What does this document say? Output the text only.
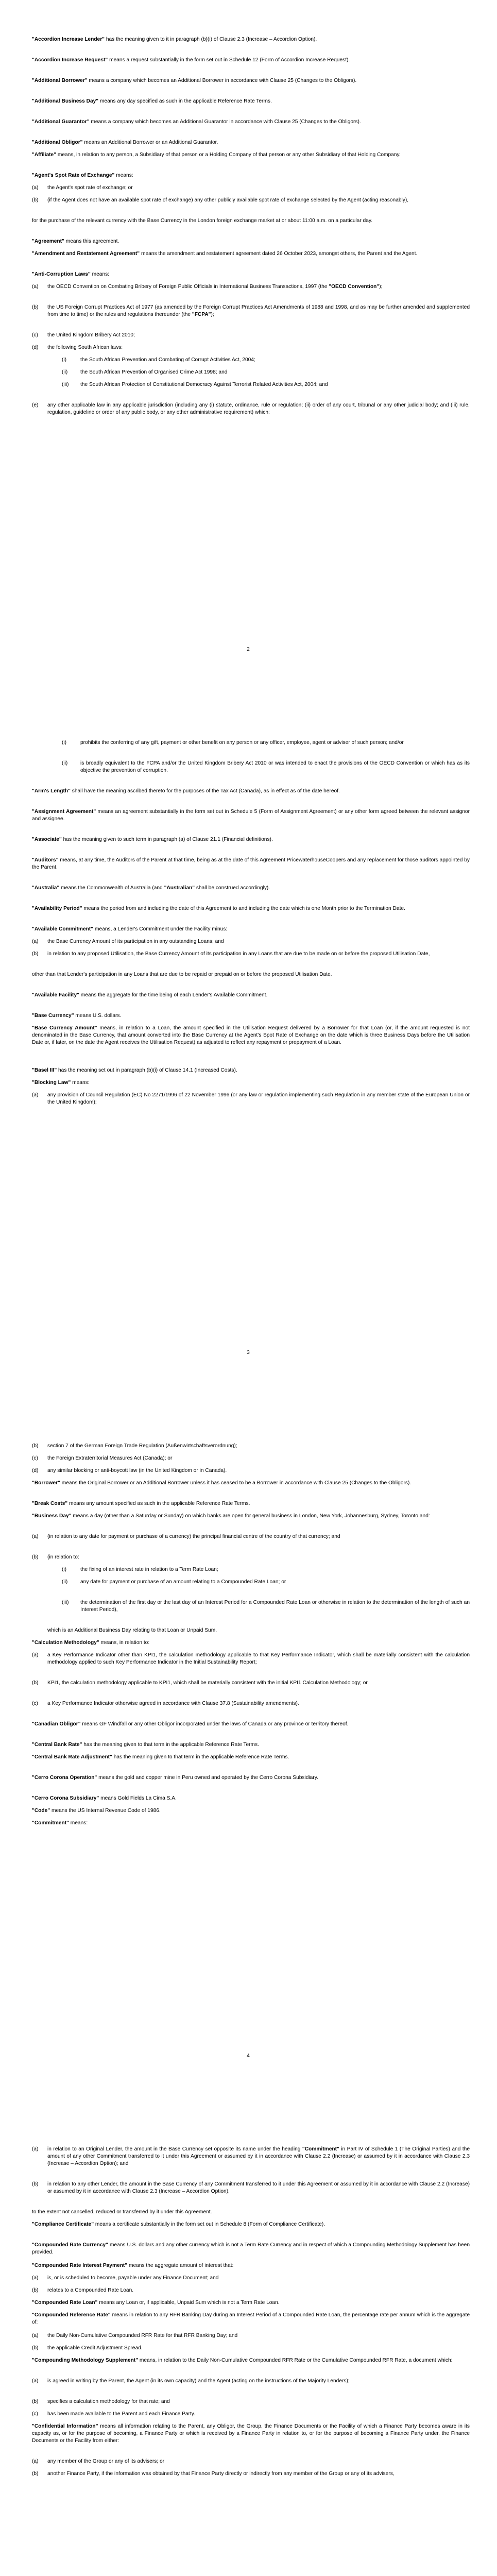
"Accordion Increase Lender" has the meaning given to it in paragraph (b)(i) of Clause 2.3 (Increase – Accordion Option).

"Accordion Increase Request" means a request substantially in the form set out in Schedule 12 (Form of Accordion Increase Request).

"Additional Borrower" means a company which becomes an Additional Borrower in accordance with Clause 25 (Changes to the Obligors).

"Additional Business Day" means any day specified as such in the applicable Reference Rate Terms.

"Additional Guarantor" means a company which becomes an Additional Guarantor in accordance with Clause 25 (Changes to the Obligors).

"Additional Obligor" means an Additional Borrower or an Additional Guarantor.

"Affiliate" means, in relation to any person, a Subsidiary of that person or a Holding Company of that person or any other Subsidiary of that Holding Company.

"Agent's Spot Rate of Exchange" means:

(a)	the Agent's spot rate of exchange; or
(b)	(if the Agent does not have an available spot rate of exchange) any other publicly available spot rate of exchange selected by the Agent (acting reasonably),

for the purchase of the relevant currency with the Base Currency in the London foreign exchange market at or about 11:00 a.m. on a particular day.

"Agreement" means this agreement.

"Amendment and Restatement Agreement" means the amendment and restatement agreement dated 26 October 2023, amongst others, the Parent and the Agent.

"Anti-Corruption Laws" means:

(a)	the OECD Convention on Combating Bribery of Foreign Public Officials in International Business Transactions, 1997 (the "OECD Convention");
(b)	the US Foreign Corrupt Practices Act of 1977 (as amended by the Foreign Corrupt Practices Act Amendments of 1988 and 1998, and as may be further amended and supplemented from time to time) or the rules and regulations thereunder (the "FCPA");
(c)	the United Kingdom Bribery Act 2010;
(d)	the following South African laws:
(i)	the South African Prevention and Combating of Corrupt Activities Act, 2004;
(ii)	the South African Prevention of Organised Crime Act 1998; and
(iii)	the South African Protection of Constitutional Democracy Against Terrorist Related Activities Act, 2004; and
(e)	any other applicable law in any applicable jurisdiction (including any (i) statute, ordinance, rule or regulation; (ii) order of any court, tribunal or any other judicial body; and (iii) rule, regulation, guideline or order of any public body, or any other administrative requirement) which:
2
(i)	prohibits the conferring of any gift, payment or other benefit on any person or any officer, employee, agent or adviser of such person; and/or
(ii)	is broadly equivalent to the FCPA and/or the United Kingdom Bribery Act 2010 or was intended to enact the provisions of the OECD Convention or which has as its objective the prevention of corruption.

"Arm's Length" shall have the meaning ascribed thereto for the purposes of the Tax Act (Canada), as in effect as of the date hereof.

"Assignment Agreement" means an agreement substantially in the form set out in Schedule 5 (Form of Assignment Agreement) or any other form agreed between the relevant assignor and assignee.

"Associate" has the meaning given to such term in paragraph (a) of Clause 21.1 (Financial definitions).

"Auditors" means, at any time, the Auditors of the Parent at that time, being as at the date of this Agreement PricewaterhouseCoopers and any replacement for those auditors appointed by the Parent.

"Australia" means the Commonwealth of Australia (and "Australian" shall be construed accordingly).

"Availability Period" means the period from and including the date of this Agreement to and including the date which is one Month prior to the Termination Date.

"Available Commitment" means, a Lender's Commitment under the Facility minus:

(a)	the Base Currency Amount of its participation in any outstanding Loans; and
(b)	in relation to any proposed Utilisation, the Base Currency Amount of its participation in any Loans that are due to be made on or before the proposed Utilisation Date,

other than that Lender's participation in any Loans that are due to be repaid or prepaid on or before the proposed Utilisation Date.

"Available Facility" means the aggregate for the time being of each Lender's Available Commitment.

"Base Currency" means U.S. dollars.

"Base Currency Amount" means, in relation to a Loan, the amount specified in the Utilisation Request delivered by a Borrower for that Loan (or, if the amount requested is not denominated in the Base Currency, that amount converted into the Base Currency at the Agent's Spot Rate of Exchange on the date which is three Business Days before the Utilisation Date or, if later, on the date the Agent receives the Utilisation Request) as adjusted to reflect any repayment or prepayment of a Loan.

"Basel III" has the meaning set out in paragraph (b)(i) of Clause 14.1 (Increased Costs).

"Blocking Law" means:

(a)	any provision of Council Regulation (EC) No 2271/1996 of 22 November 1996 (or any law or regulation implementing such Regulation in any member state of the European Union or the United Kingdom);
3
(b)	section 7 of the German Foreign Trade Regulation (Außenwirtschaftsverordnung);
(c)	the Foreign Extraterritorial Measures Act (Canada); or
(d)	any similar blocking or anti-boycott law (in the United Kingdom or in Canada).

"Borrower" means the Original Borrower or an Additional Borrower unless it has ceased to be a Borrower in accordance with Clause 25 (Changes to the Obligors).

"Break Costs" means any amount specified as such in the applicable Reference Rate Terms.

"Business Day" means a day (other than a Saturday or Sunday) on which banks are open for general business in London, New York, Johannesburg, Sydney, Toronto and:

(a)	(in relation to any date for payment or purchase of a currency) the principal financial centre of the country of that currency; and
(b)	(in relation to:
(i)	the fixing of an interest rate in relation to a Term Rate Loan;
(ii)	any date for payment or purchase of an amount relating to a Compounded Rate Loan; or
(iii)	the determination of the first day or the last day of an Interest Period for a Compounded Rate Loan or otherwise in relation to the determination of the length of such an Interest Period),

which is an Additional Business Day relating to that Loan or Unpaid Sum.

"Calculation Methodology" means, in relation to:

(a)	a Key Performance Indicator other than KPI1, the calculation methodology applicable to that Key Performance Indicator, which shall be materially consistent with the calculation methodology applied to such Key Performance Indicator in the Initial Sustainability Report;
(b)	KPI1, the calculation methodology applicable to KPI1, which shall be materially consistent with the initial KPI1 Calculation Methodology; or
(c)	a Key Performance Indicator otherwise agreed in accordance with Clause 37.8 (Sustainability amendments).

"Canadian Obligor" means GF Windfall or any other Obligor incorporated under the laws of Canada or any province or territory thereof.

"Central Bank Rate" has the meaning given to that term in the applicable Reference Rate Terms.

"Central Bank Rate Adjustment" has the meaning given to that term in the applicable Reference Rate Terms.

"Cerro Corona Operation" means the gold and copper mine in Peru owned and operated by the Cerro Corona Subsidiary.

"Cerro Corona Subsidiary" means Gold Fields La Cima S.A.

"Code" means the US Internal Revenue Code of 1986.

"Commitment" means:

4
(a)	in relation to an Original Lender, the amount in the Base Currency set opposite its name under the heading "Commitment" in Part IV of Schedule 1 (The Original Parties) and the amount of any other Commitment transferred to it under this Agreement or assumed by it in accordance with Clause 2.2 (Increase) or assumed by it in accordance with Clause 2.3 (Increase – Accordion Option); and
(b)	in relation to any other Lender, the amount in the Base Currency of any Commitment transferred to it under this Agreement or assumed by it in accordance with Clause 2.2 (Increase) or assumed by it in accordance with Clause 2.3 (Increase – Accordion Option),

to the extent not cancelled, reduced or transferred by it under this Agreement.

"Compliance Certificate" means a certificate substantially in the form set out in Schedule 8 (Form of Compliance Certificate).

"Compounded Rate Currency" means U.S. dollars and any other currency which is not a Term Rate Currency and in respect of which a Compounding Methodology Supplement has been provided.

"Compounded Rate Interest Payment" means the aggregate amount of interest that:

(a)	is, or is scheduled to become, payable under any Finance Document; and
(b)	relates to a Compounded Rate Loan.

"Compounded Rate Loan" means any Loan or, if applicable, Unpaid Sum which is not a Term Rate Loan.

"Compounded Reference Rate" means in relation to any RFR Banking Day during an Interest Period of a Compounded Rate Loan, the percentage rate per annum which is the aggregate of:

(a)	the Daily Non-Cumulative Compounded RFR Rate for that RFR Banking Day; and
(b)	the applicable Credit Adjustment Spread.

"Compounding Methodology Supplement" means, in relation to the Daily Non-Cumulative Compounded RFR Rate or the Cumulative Compounded RFR Rate, a document which:

(a)	is agreed in writing by the Parent, the Agent (in its own capacity) and the Agent (acting on the instructions of the Majority Lenders);
(b)	specifies a calculation methodology for that rate; and
(c)	has been made available to the Parent and each Finance Party.

"Confidential Information" means all information relating to the Parent, any Obligor, the Group, the Finance Documents or the Facility of which a Finance Party becomes aware in its capacity as, or for the purpose of becoming, a Finance Party or which is received by a Finance Party in relation to, or for the purpose of becoming a Finance Party under, the Finance Documents or the Facility from either:

(a)	any member of the Group or any of its advisers; or
(b)	another Finance Party, if the information was obtained by that Finance Party directly or indirectly from any member of the Group or any of its advisers,
